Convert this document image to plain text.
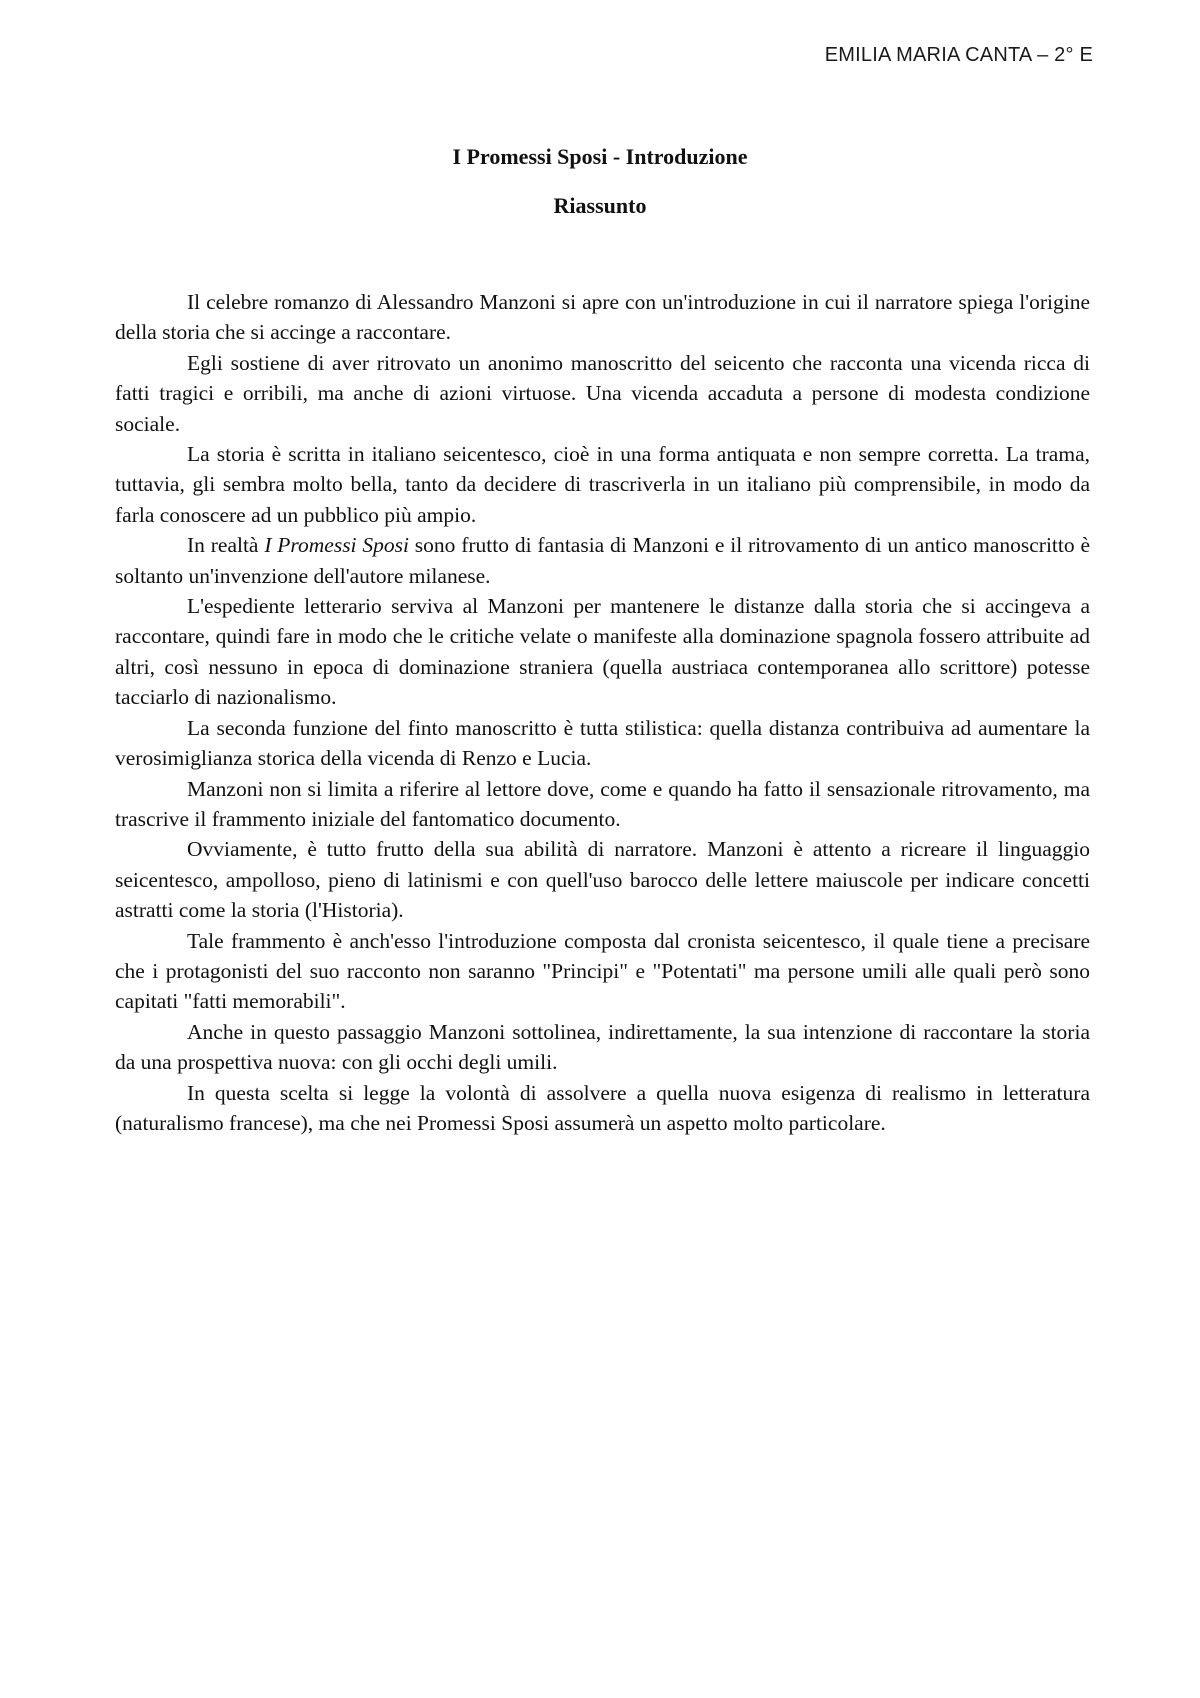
EMILIA MARIA CANTA – 2° E
I Promessi Sposi - Introduzione
Riassunto

Il celebre romanzo di Alessandro Manzoni si apre con un'introduzione in cui il narratore spiega l'origine della storia che si accinge a raccontare.

Egli sostiene di aver ritrovato un anonimo manoscritto del seicento che racconta una vicenda ricca di fatti tragici e orribili, ma anche di azioni virtuose. Una vicenda accaduta a persone di modesta condizione sociale.

La storia è scritta in italiano seicentesco, cioè in una forma antiquata e non sempre corretta. La trama, tuttavia, gli sembra molto bella, tanto da decidere di trascriverla in un italiano più comprensibile, in modo da farla conoscere ad un pubblico più ampio.

In realtà I Promessi Sposi sono frutto di fantasia di Manzoni e il ritrovamento di un antico manoscritto è soltanto un'invenzione dell'autore milanese.

L'espediente letterario serviva al Manzoni per mantenere le distanze dalla storia che si accingeva a raccontare, quindi fare in modo che le critiche velate o manifeste alla dominazione spagnola fossero attribuite ad altri, così nessuno in epoca di dominazione straniera (quella austriaca contemporanea allo scrittore) potesse tacciarlo di nazionalismo.

La seconda funzione del finto manoscritto è tutta stilistica: quella distanza contribuiva ad aumentare la verosimiglianza storica della vicenda di Renzo e Lucia.

Manzoni non si limita a riferire al lettore dove, come e quando ha fatto il sensazionale ritrovamento, ma trascrive il frammento iniziale del fantomatico documento.

Ovviamente, è tutto frutto della sua abilità di narratore. Manzoni è attento a ricreare il linguaggio seicentesco, ampolloso, pieno di latinismi e con quell'uso barocco delle lettere maiuscole per indicare concetti astratti come la storia (l'Historia).

Tale frammento è anch'esso l'introduzione composta dal cronista seicentesco, il quale tiene a precisare che i protagonisti del suo racconto non saranno "Principi" e "Potentati" ma persone umili alle quali però sono capitati "fatti memorabili".

Anche in questo passaggio Manzoni sottolinea, indirettamente, la sua intenzione di raccontare la storia da una prospettiva nuova: con gli occhi degli umili.

In questa scelta si legge la volontà di assolvere a quella nuova esigenza di realismo in letteratura (naturalismo francese), ma che nei Promessi Sposi assumerà un aspetto molto particolare.
